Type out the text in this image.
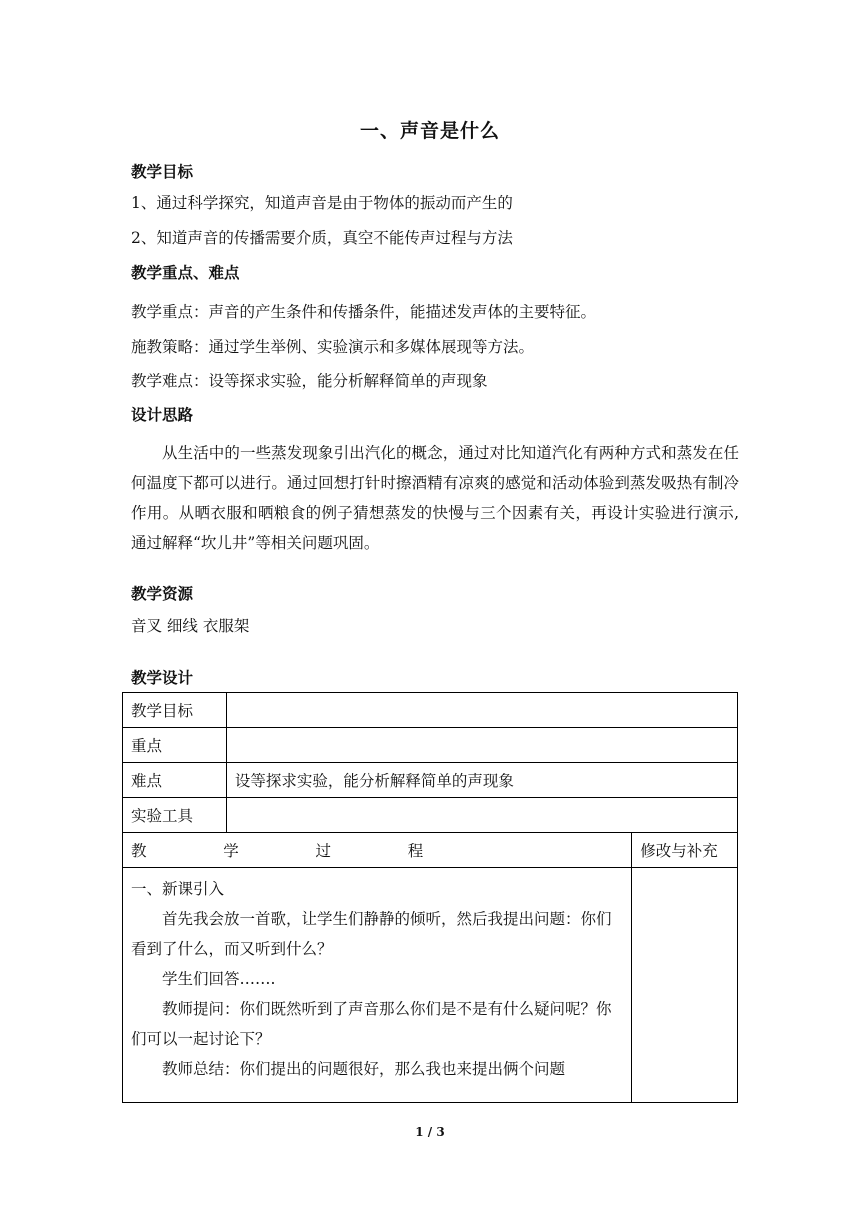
一、声音是什么
教学目标
1、通过科学探究，知道声音是由于物体的振动而产生的
2、知道声音的传播需要介质，真空不能传声过程与方法
教学重点、难点
教学重点：声音的产生条件和传播条件，能描述发声体的主要特征。
施教策略：通过学生举例、实验演示和多媒体展现等方法。
教学难点：设等探求实验，能分析解释简单的声现象
设计思路
从生活中的一些蒸发现象引出汽化的概念，通过对比知道汽化有两种方式和蒸发在任何温度下都可以进行。通过回想打针时擦酒精有凉爽的感觉和活动体验到蒸发吸热有制冷作用。从晒衣服和晒粮食的例子猜想蒸发的快慢与三个因素有关，再设计实验进行演示,通过解释“坎儿井”等相关问题巩固。
教学资源
音叉 细线 衣服架
教学设计
教学目标		
重点		
难点	设等探求实验，能分析解释简单的声现象	
实验工具		

教 学 过 程		修改与补充

一、新课引入
首先我会放一首歌，让学生们静静的倾听，然后我提出问题：你们看到了什么，而又听到什么？
学生们回答…….
教师提问：你们既然听到了声音那么你们是不是有什么疑问呢？你们可以一起讨论下？
教师总结：你们提出的问题很好，那么我也来提出俩个问题		

1 / 3
